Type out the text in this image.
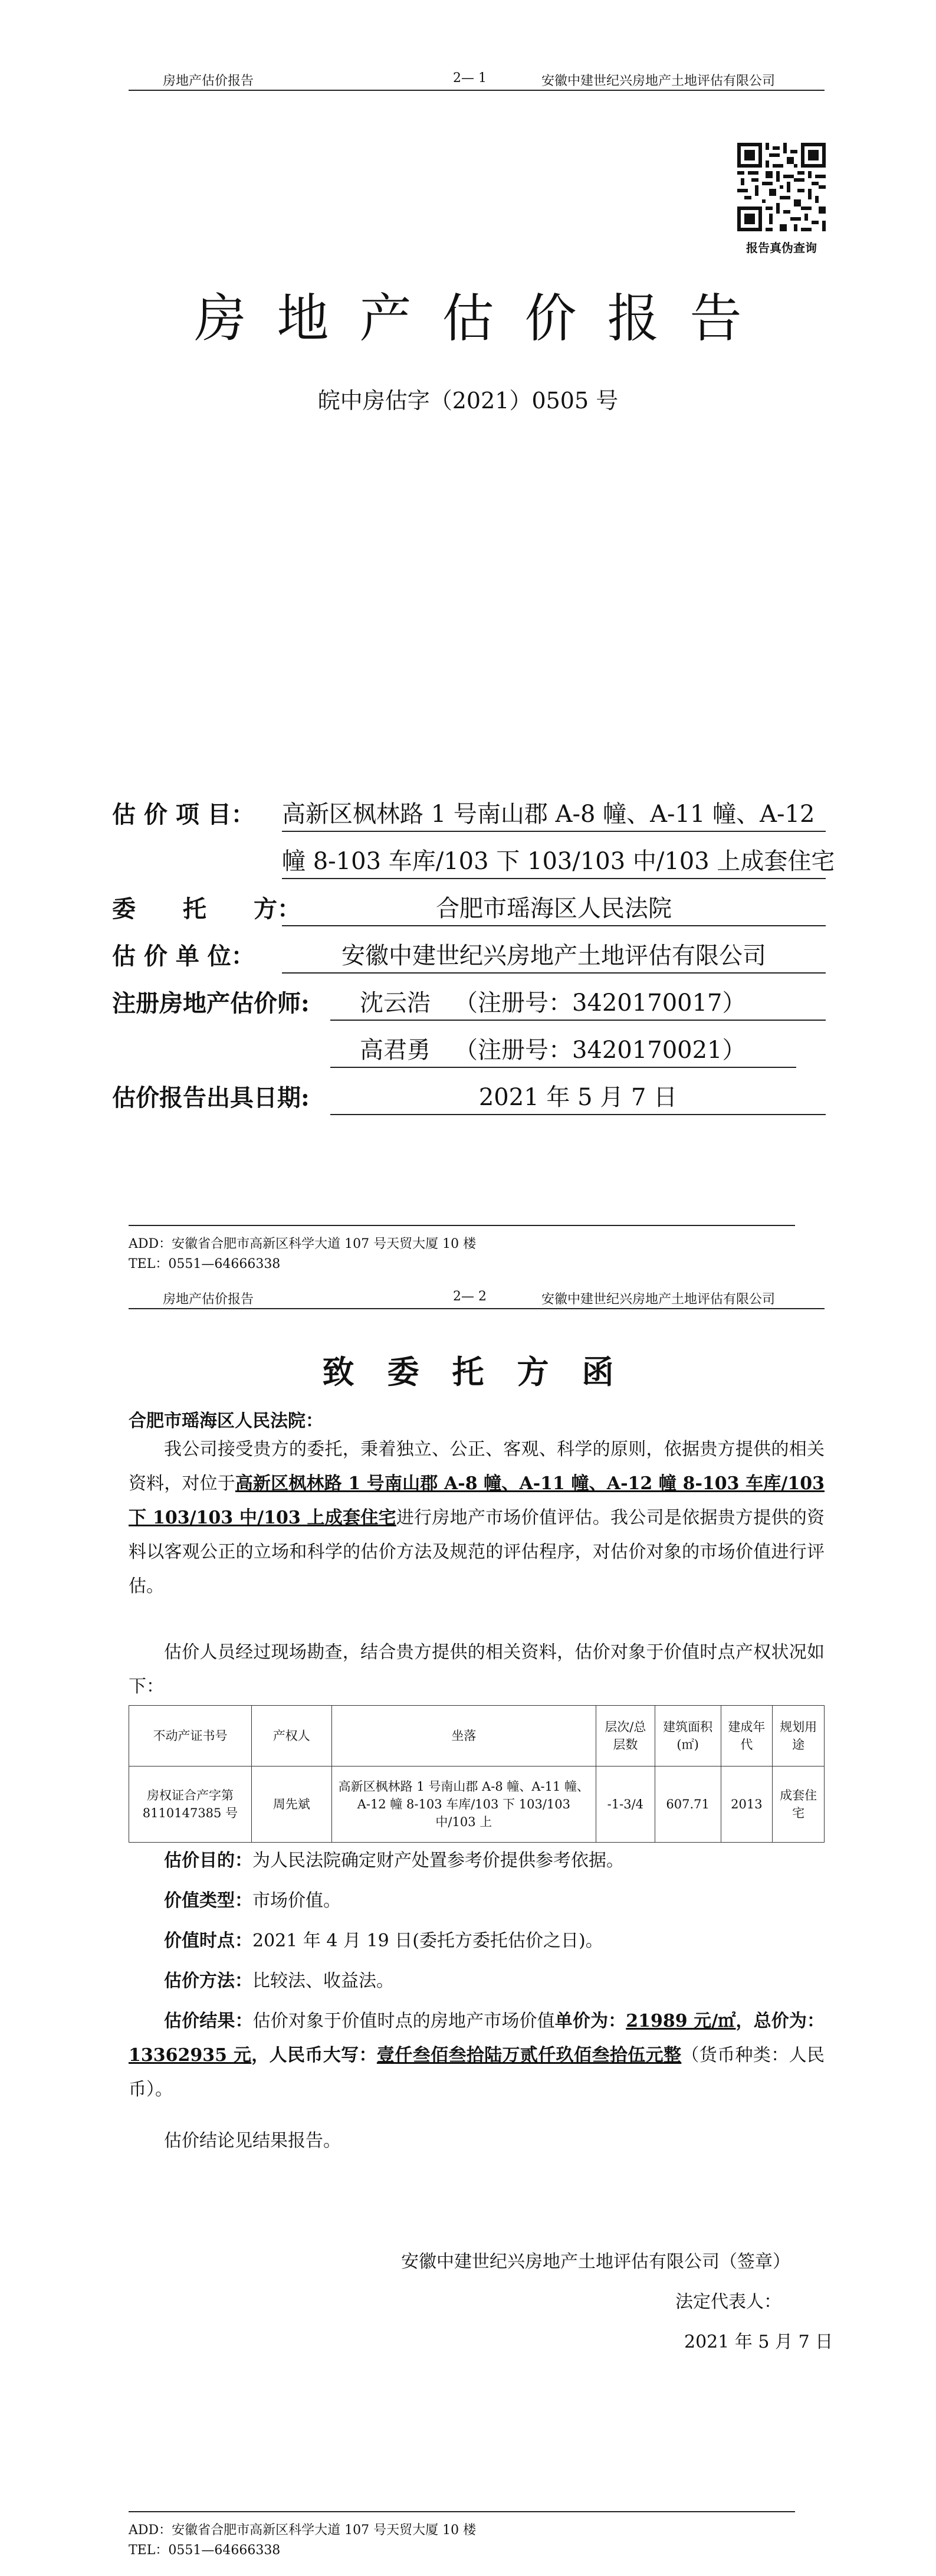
房地产估价报告	2— 1	安徽中建世纪兴房地产土地评估有限公司
报告真伪查询
房地产估价报告
皖中房估字（2021）0505 号
估 价 项 目： 高新区枫林路 1 号南山郡 A-8 幢、A-11 幢、A-12
幢 8-103 车库/103 下 103/103 中/103 上成套住宅
委　　托　　方：	合肥市瑶海区人民法院
估 价 单 位：	安徽中建世纪兴房地产土地评估有限公司
注册房地产估价师:	沈云浩 （注册号：3420170017）
高君勇 （注册号：3420170021）
估价报告出具日期:	2021 年 5 月 7 日
ADD：安徽省合肥市高新区科学大道 107 号天贸大厦 10 楼
TEL：0551—64666338
房地产估价报告	2— 2	安徽中建世纪兴房地产土地评估有限公司
致委托方函
合肥市瑶海区人民法院：
我公司接受贵方的委托，秉着独立、公正、客观、科学的原则，依据贵方提供的相关资料，对位于高新区枫林路 1 号南山郡 A-8 幢、A-11 幢、A-12 幢 8-103 车库/103 下 103/103 中/103 上成套住宅进行房地产市场价值评估。我公司是依据贵方提供的资料以客观公正的立场和科学的估价方法及规范的评估程序，对估价对象的市场价值进行评估。
估价人员经过现场勘查，结合贵方提供的相关资料，估价对象于价值时点产权状况如下：
不动产证书号	产权人	坐落	层次/总层数	建筑面积(㎡)	建成年代	规划用途
房权证合产字第8110147385 号	周先斌	高新区枫林路 1 号南山郡 A-8 幢、A-11 幢、A-12 幢 8-103 车库/103 下 103/103 中/103 上	-1-3/4	607.71	2013	成套住宅
估价目的：为人民法院确定财产处置参考价提供参考依据。
价值类型：市场价值。
价值时点：2021 年 4 月 19 日(委托方委托估价之日)。
估价方法：比较法、收益法。
估价结果：估价对象于价值时点的房地产市场价值单价为：21989 元/㎡，总价为：13362935 元，人民币大写：壹仟叁佰叁拾陆万贰仟玖佰叁拾伍元整（货币种类：人民币）。
估价结论见结果报告。
安徽中建世纪兴房地产土地评估有限公司（签章）
法定代表人：
2021 年 5 月 7 日
ADD：安徽省合肥市高新区科学大道 107 号天贸大厦 10 楼
TEL：0551—64666338
